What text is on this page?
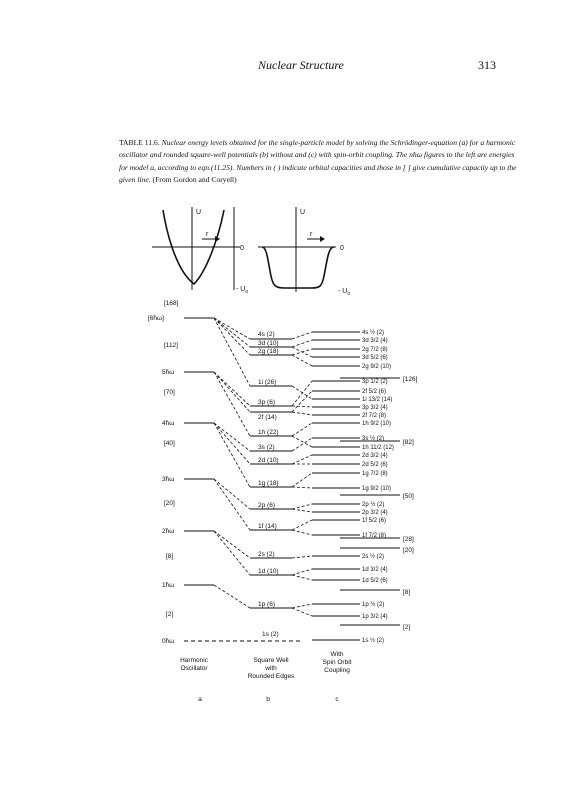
Nuclear Structure	313
TABLE 11.6. Nuclear energy levels obtained for the single-particle model by solving the Schrödinger-equation (a) for a harmonic oscillator and rounded square-well potentials (b) without and (c) with spin-orbit coupling. The nħω figures to the left are energies for model a, according to eqn.(11.25). Numbers in ( ) indicate orbital capacities and those in [ ] give cumulative capacity up to the given line. (From Gordon and Coryell)
U
r
0
- $U_o$
U
r
0
- $U_o$
[168]
[6ħω]
[112]
5ħω
[70]
4ħω
[40]
3ħω
[20]
2ħω
[8]
1ħω
[2]
0ħω
4s (2)
3d (10)
2g (18)
1i (26)
3p (6)
2f (14)
1h (22)
3s (2)
2d (10)
1g (18)
2p (6)
1f (14)
2s (2)
1d (10)
1p (6)
1s (2)
4s ½ (2)
3d 3/2 (4)
2g 7/2 (8)
3d 5/2 (6)
2g 9/2 (10)
3p 1/2 (2)
2f 5/2 (6)
1i 13/2 (14)
3p 3/2 (4)
2f 7/2 (8)
1h 9/2 (10)
3s ½ (2)
1h 11/2 (12)
2d 3/2 (4)
2d 5/2 (6)
1g 7/2 (8)
1g 9/2 (10)
2p ½ (2)
2p 3/2 (4)
1f 5/2 (6)
1f 7/2 (8)
2s ½ (2)
1d 3/2 (4)
1d 5/2 (6)
1p ½ (2)
1p 3/2 (4)
1s ½ (2)
[126]
[82]
[50]
[28]
[20]
[8]
[2]
Harmonic
Oscillator
Square Well
with
Rounded Edges
With
Spin Orbit
Coupling
a	b	c
